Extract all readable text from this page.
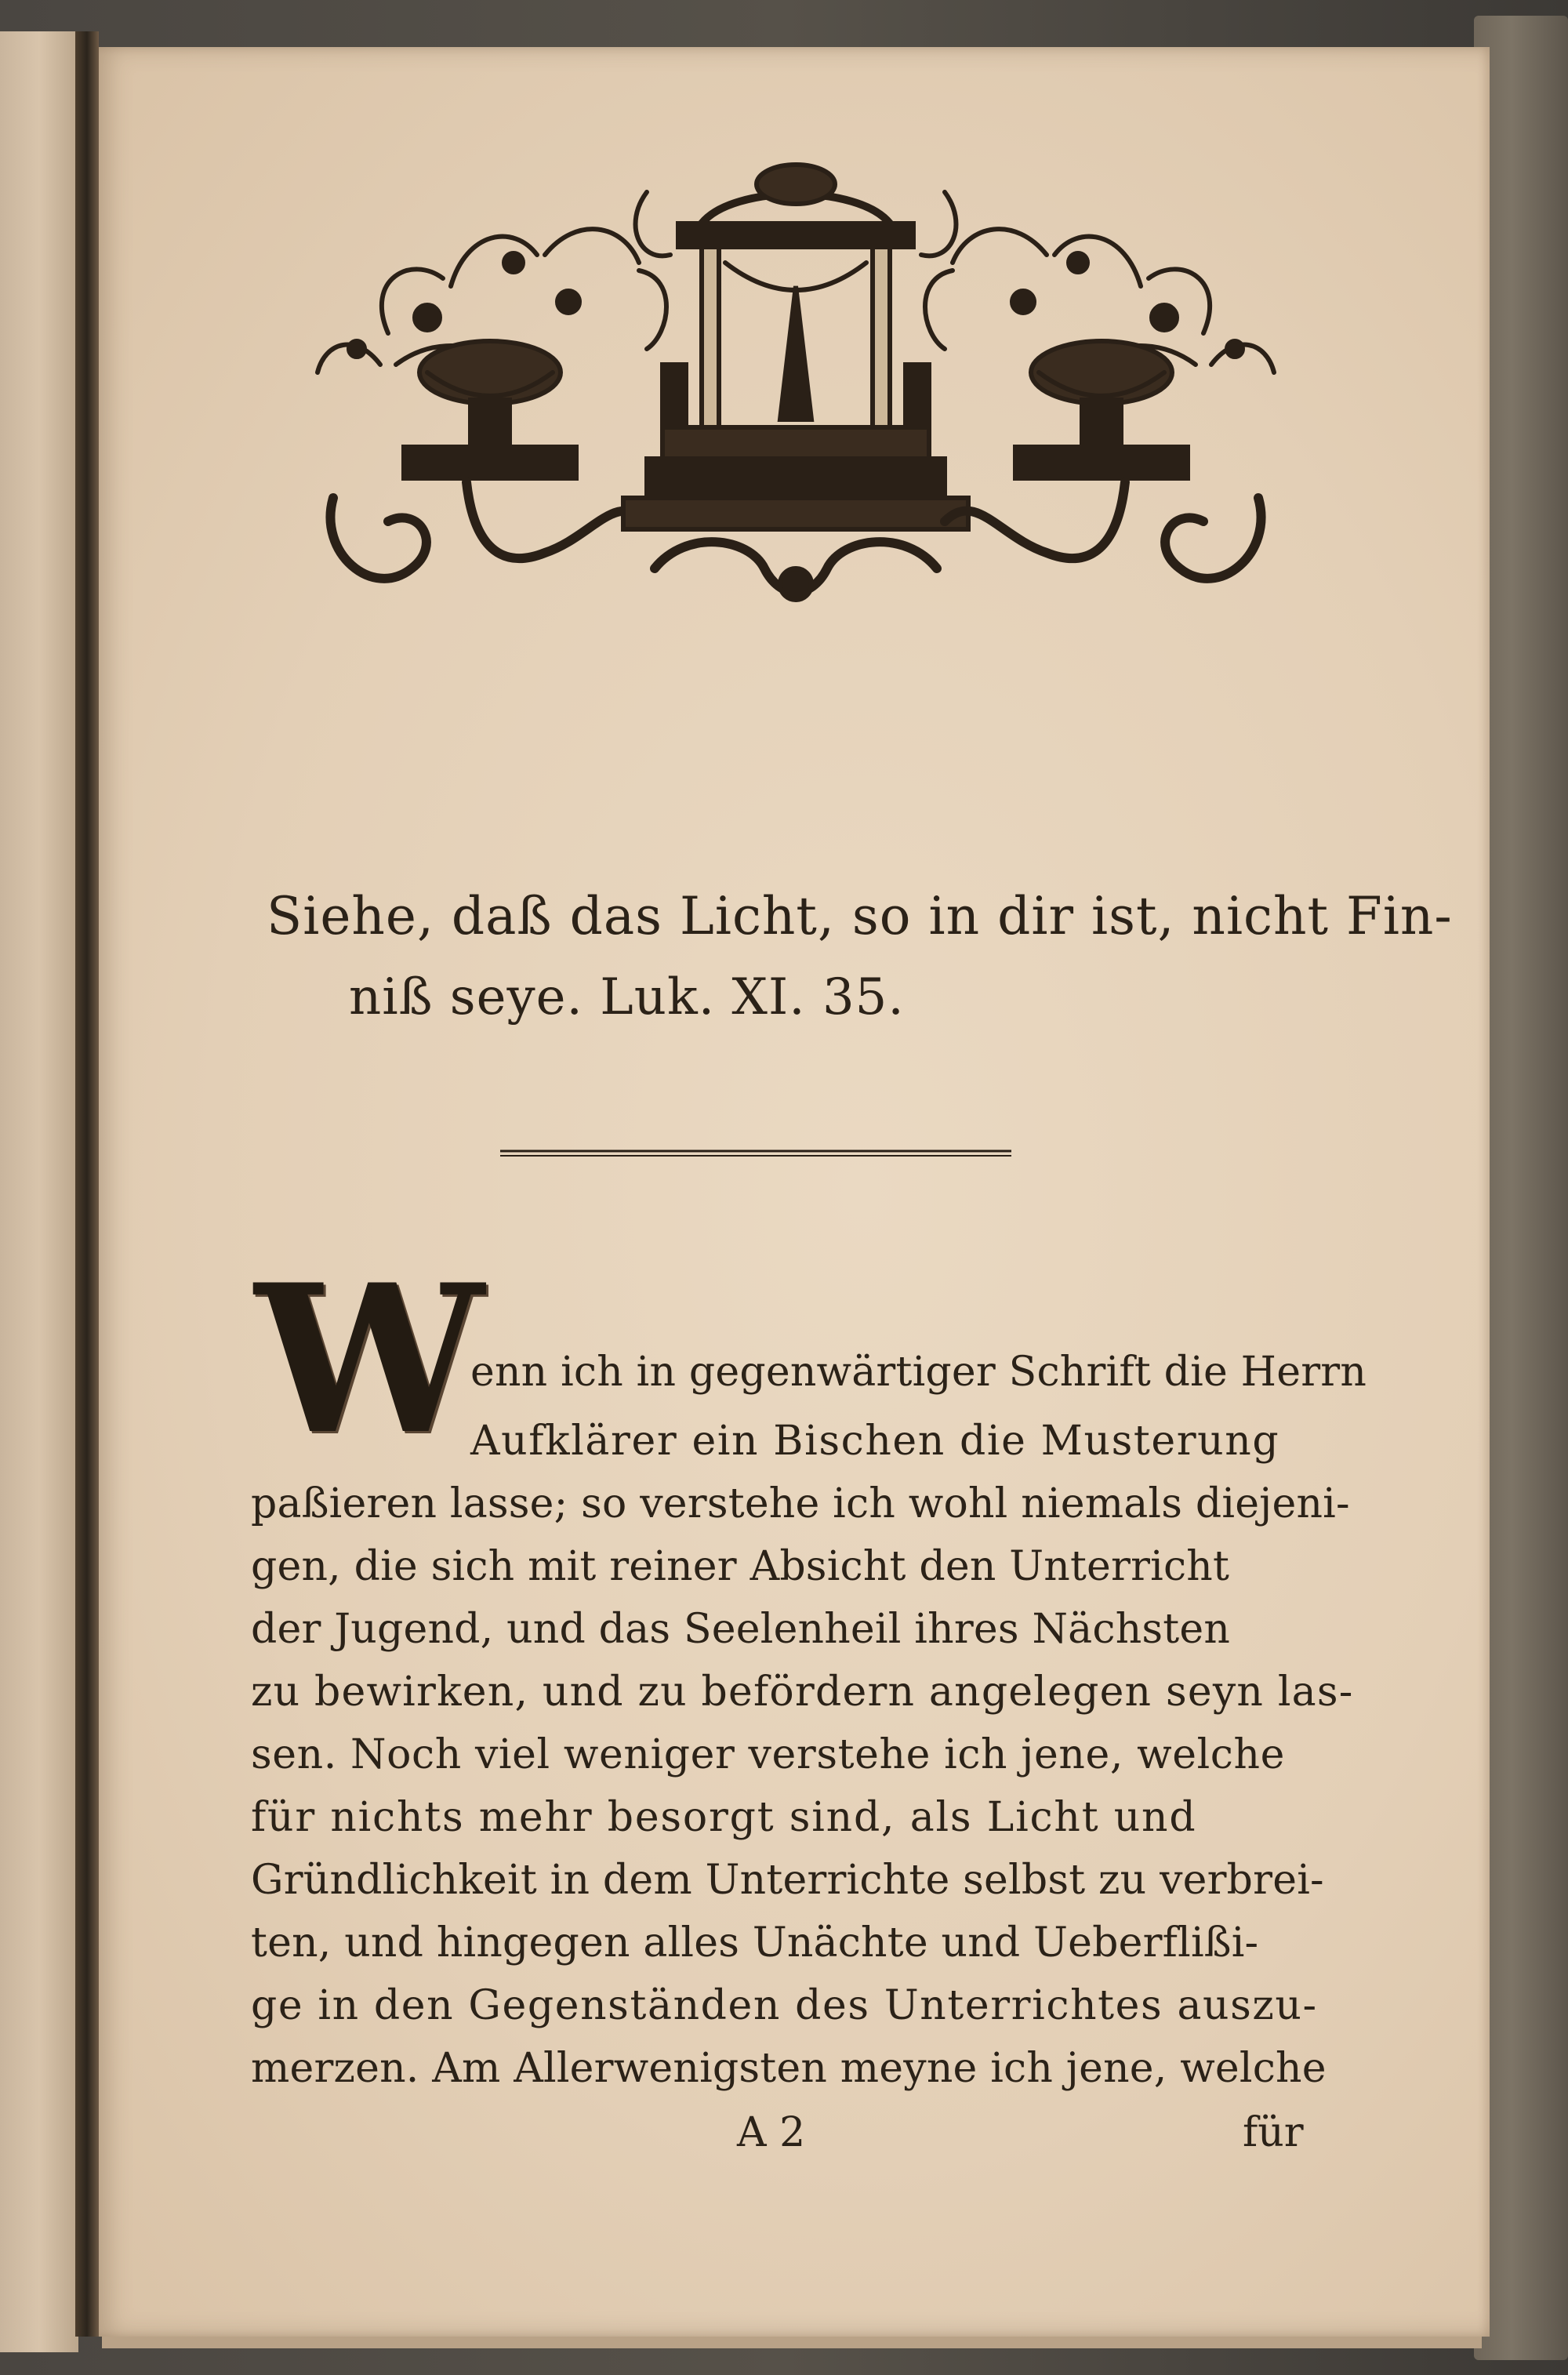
Siehe, daß das Licht, so in dir ist, nicht Fin-
niß seye. Luk. XI. 35.
W
enn ich in gegenwärtiger Schrift die Herrn
Aufklärer ein Bischen die Musterung
paßieren lasse; so verstehe ich wohl niemals diejeni-
gen, die sich mit reiner Absicht den Unterricht
der Jugend, und das Seelenheil ihres Nächsten
zu bewirken, und zu befördern angelegen seyn las-
sen. Noch viel weniger verstehe ich jene, welche
für nichts mehr besorgt sind, als Licht und
Gründlichkeit in dem Unterrichte selbst zu verbrei-
ten, und hingegen alles Unächte und Ueberflißi-
ge in den Gegenständen des Unterrichtes auszu-
merzen. Am Allerwenigsten meyne ich jene, welche
A 2	für
